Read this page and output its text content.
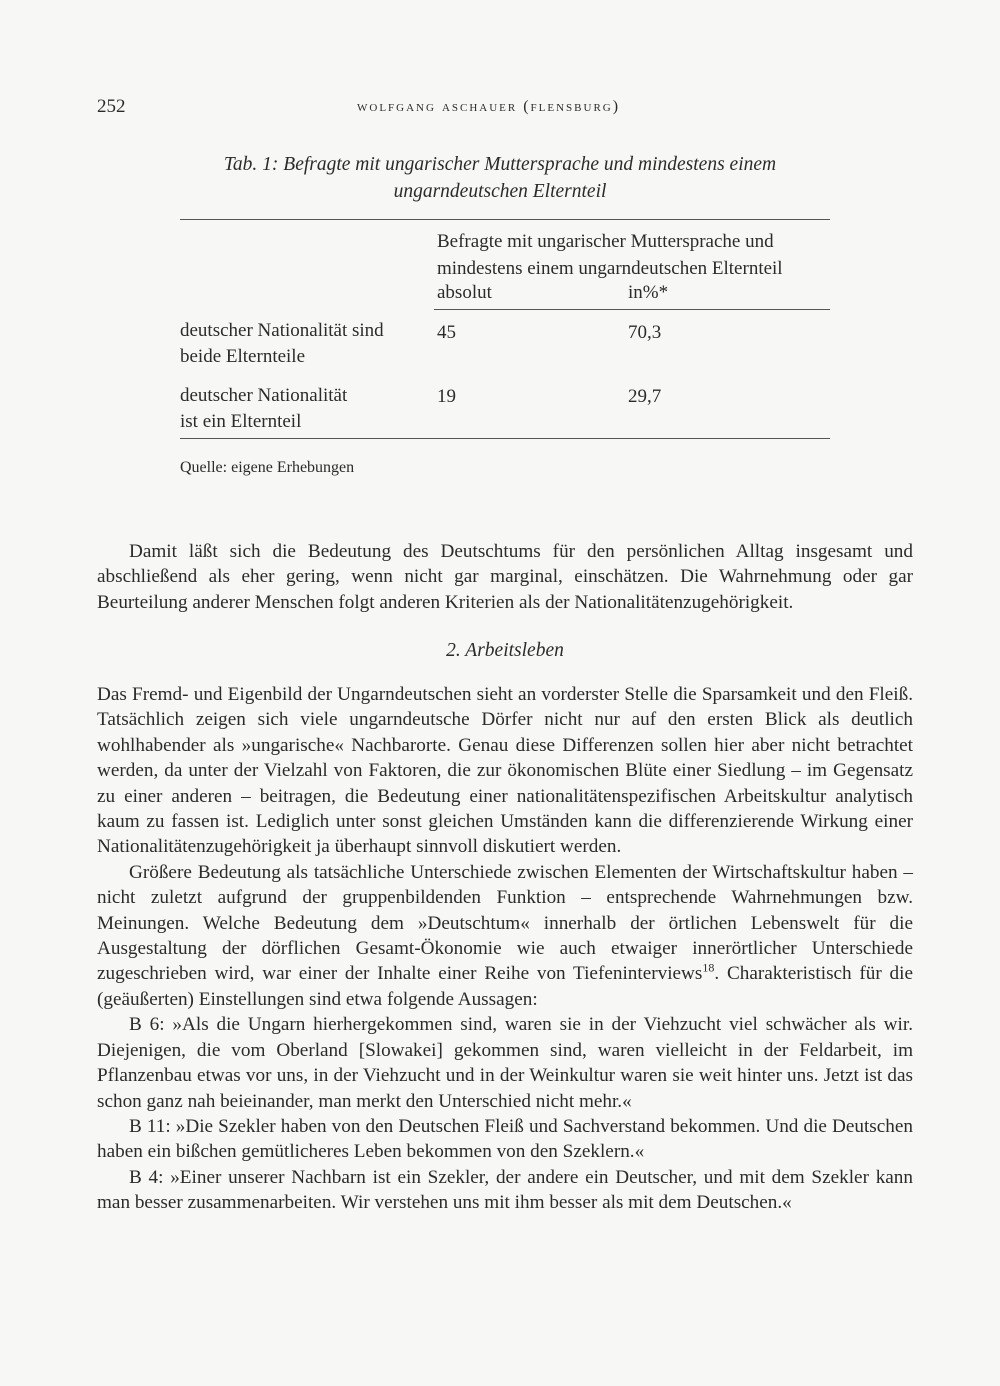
252	wolfgang aschauer (flensburg)
Tab. 1: Befragte mit ungarischer Muttersprache und mindestens einem
ungarndeutschen Elternteil
Befragte mit ungarischer Muttersprache und
mindestens einem ungarndeutschen Elternteil
absolut	in%*
deutscher Nationalität sind
beide Elternteile
45	70,3
deutscher Nationalität
ist ein Elternteil
19	29,7
Quelle: eigene Erhebungen

Damit läßt sich die Bedeutung des Deutschtums für den persönlichen Alltag insgesamt und abschließend als eher gering, wenn nicht gar marginal, einschätzen. Die Wahrnehmung oder gar Beurteilung anderer Menschen folgt anderen Kriterien als der Nationalitätenzugehörigkeit.

2. Arbeitsleben

Das Fremd- und Eigenbild der Ungarndeutschen sieht an vorderster Stelle die Sparsamkeit und den Fleiß. Tatsächlich zeigen sich viele ungarndeutsche Dörfer nicht nur auf den ersten Blick als deutlich wohlhabender als »ungarische« Nachbarorte. Genau diese Differenzen sollen hier aber nicht betrachtet werden, da unter der Vielzahl von Faktoren, die zur ökonomischen Blüte einer Siedlung – im Gegensatz zu einer anderen – beitragen, die Bedeutung einer nationalitätenspezifischen Arbeitskultur analytisch kaum zu fassen ist. Lediglich unter sonst gleichen Umständen kann die differenzierende Wirkung einer Nationalitätenzugehörigkeit ja überhaupt sinnvoll diskutiert werden.

Größere Bedeutung als tatsächliche Unterschiede zwischen Elementen der Wirtschaftskultur haben – nicht zuletzt aufgrund der gruppenbildenden Funktion – entsprechende Wahrnehmungen bzw. Meinungen. Welche Bedeutung dem »Deutschtum« innerhalb der örtlichen Lebenswelt für die Ausgestaltung der dörflichen Gesamt-Ökonomie wie auch etwaiger innerörtlicher Unterschiede zugeschrieben wird, war einer der Inhalte einer Reihe von Tiefeninterviews$^{18}$. Charakteristisch für die (geäußerten) Einstellungen sind etwa folgende Aussagen:

B 6: »Als die Ungarn hierhergekommen sind, waren sie in der Viehzucht viel schwächer als wir. Diejenigen, die vom Oberland [Slowakei] gekommen sind, waren vielleicht in der Feldarbeit, im Pflanzenbau etwas vor uns, in der Viehzucht und in der Weinkultur waren sie weit hinter uns. Jetzt ist das schon ganz nah beieinander, man merkt den Unterschied nicht mehr.«

B 11: »Die Szekler haben von den Deutschen Fleiß und Sachverstand bekommen. Und die Deutschen haben ein bißchen gemütlicheres Leben bekommen von den Szeklern.«

B 4: »Einer unserer Nachbarn ist ein Szekler, der andere ein Deutscher, und mit dem Szekler kann man besser zusammenarbeiten. Wir verstehen uns mit ihm besser als mit dem Deutschen.«
